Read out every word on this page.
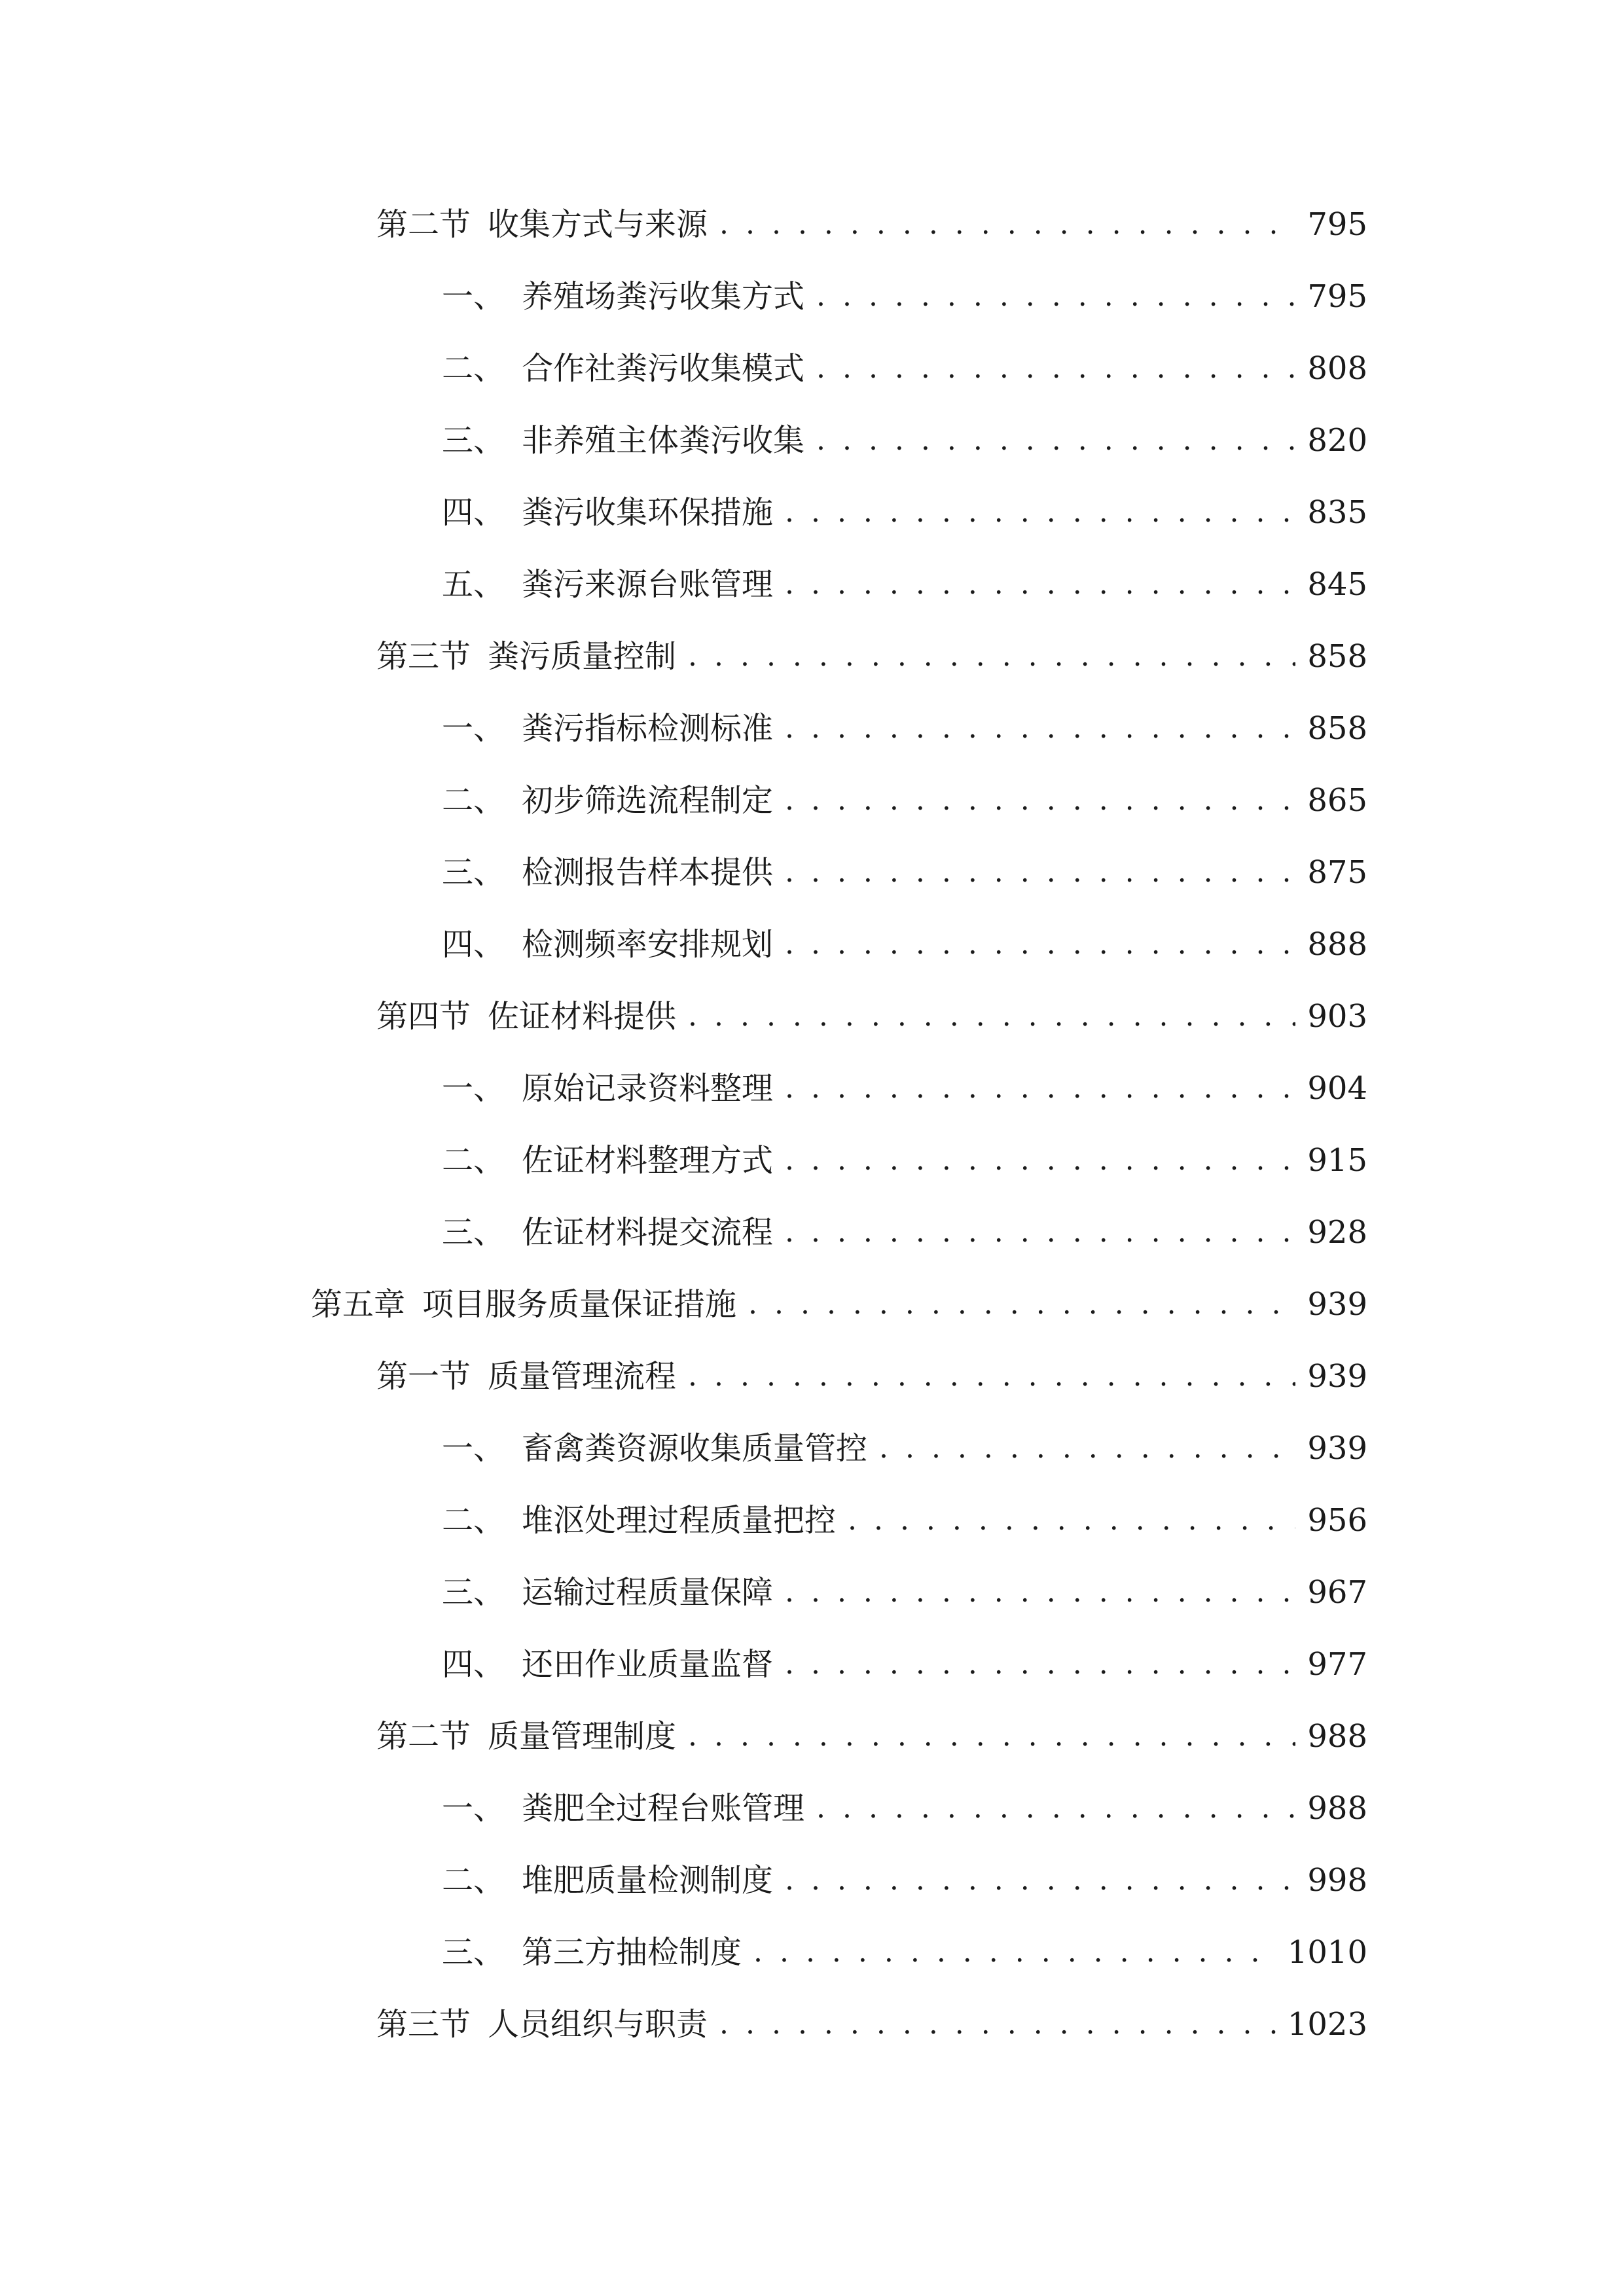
第二节 收集方式与来源 . . .	795
一、 养殖场粪污收集方式 . . .	795
二、 合作社粪污收集模式 . . .	808
三、 非养殖主体粪污收集 . . .	820
四、 粪污收集环保措施 . . .	835
五、 粪污来源台账管理 . . .	845
第三节 粪污质量控制 . . .	858
一、 粪污指标检测标准 . . .	858
二、 初步筛选流程制定 . . .	865
三、 检测报告样本提供 . . .	875
四、 检测频率安排规划 . . .	888
第四节 佐证材料提供 . . .	903
一、 原始记录资料整理 . . .	904
二、 佐证材料整理方式 . . .	915
三、 佐证材料提交流程 . . .	928
第五章 项目服务质量保证措施 . . .	939
第一节 质量管理流程 . . .	939
一、 畜禽粪资源收集质量管控 . . .	939
二、 堆沤处理过程质量把控 . . .	956
三、 运输过程质量保障 . . .	967
四、 还田作业质量监督 . . .	977
第二节 质量管理制度 . . .	988
一、 粪肥全过程台账管理 . . .	988
二、 堆肥质量检测制度 . . .	998
三、 第三方抽检制度 . . .	1010
第三节 人员组织与职责 . . .	1023
